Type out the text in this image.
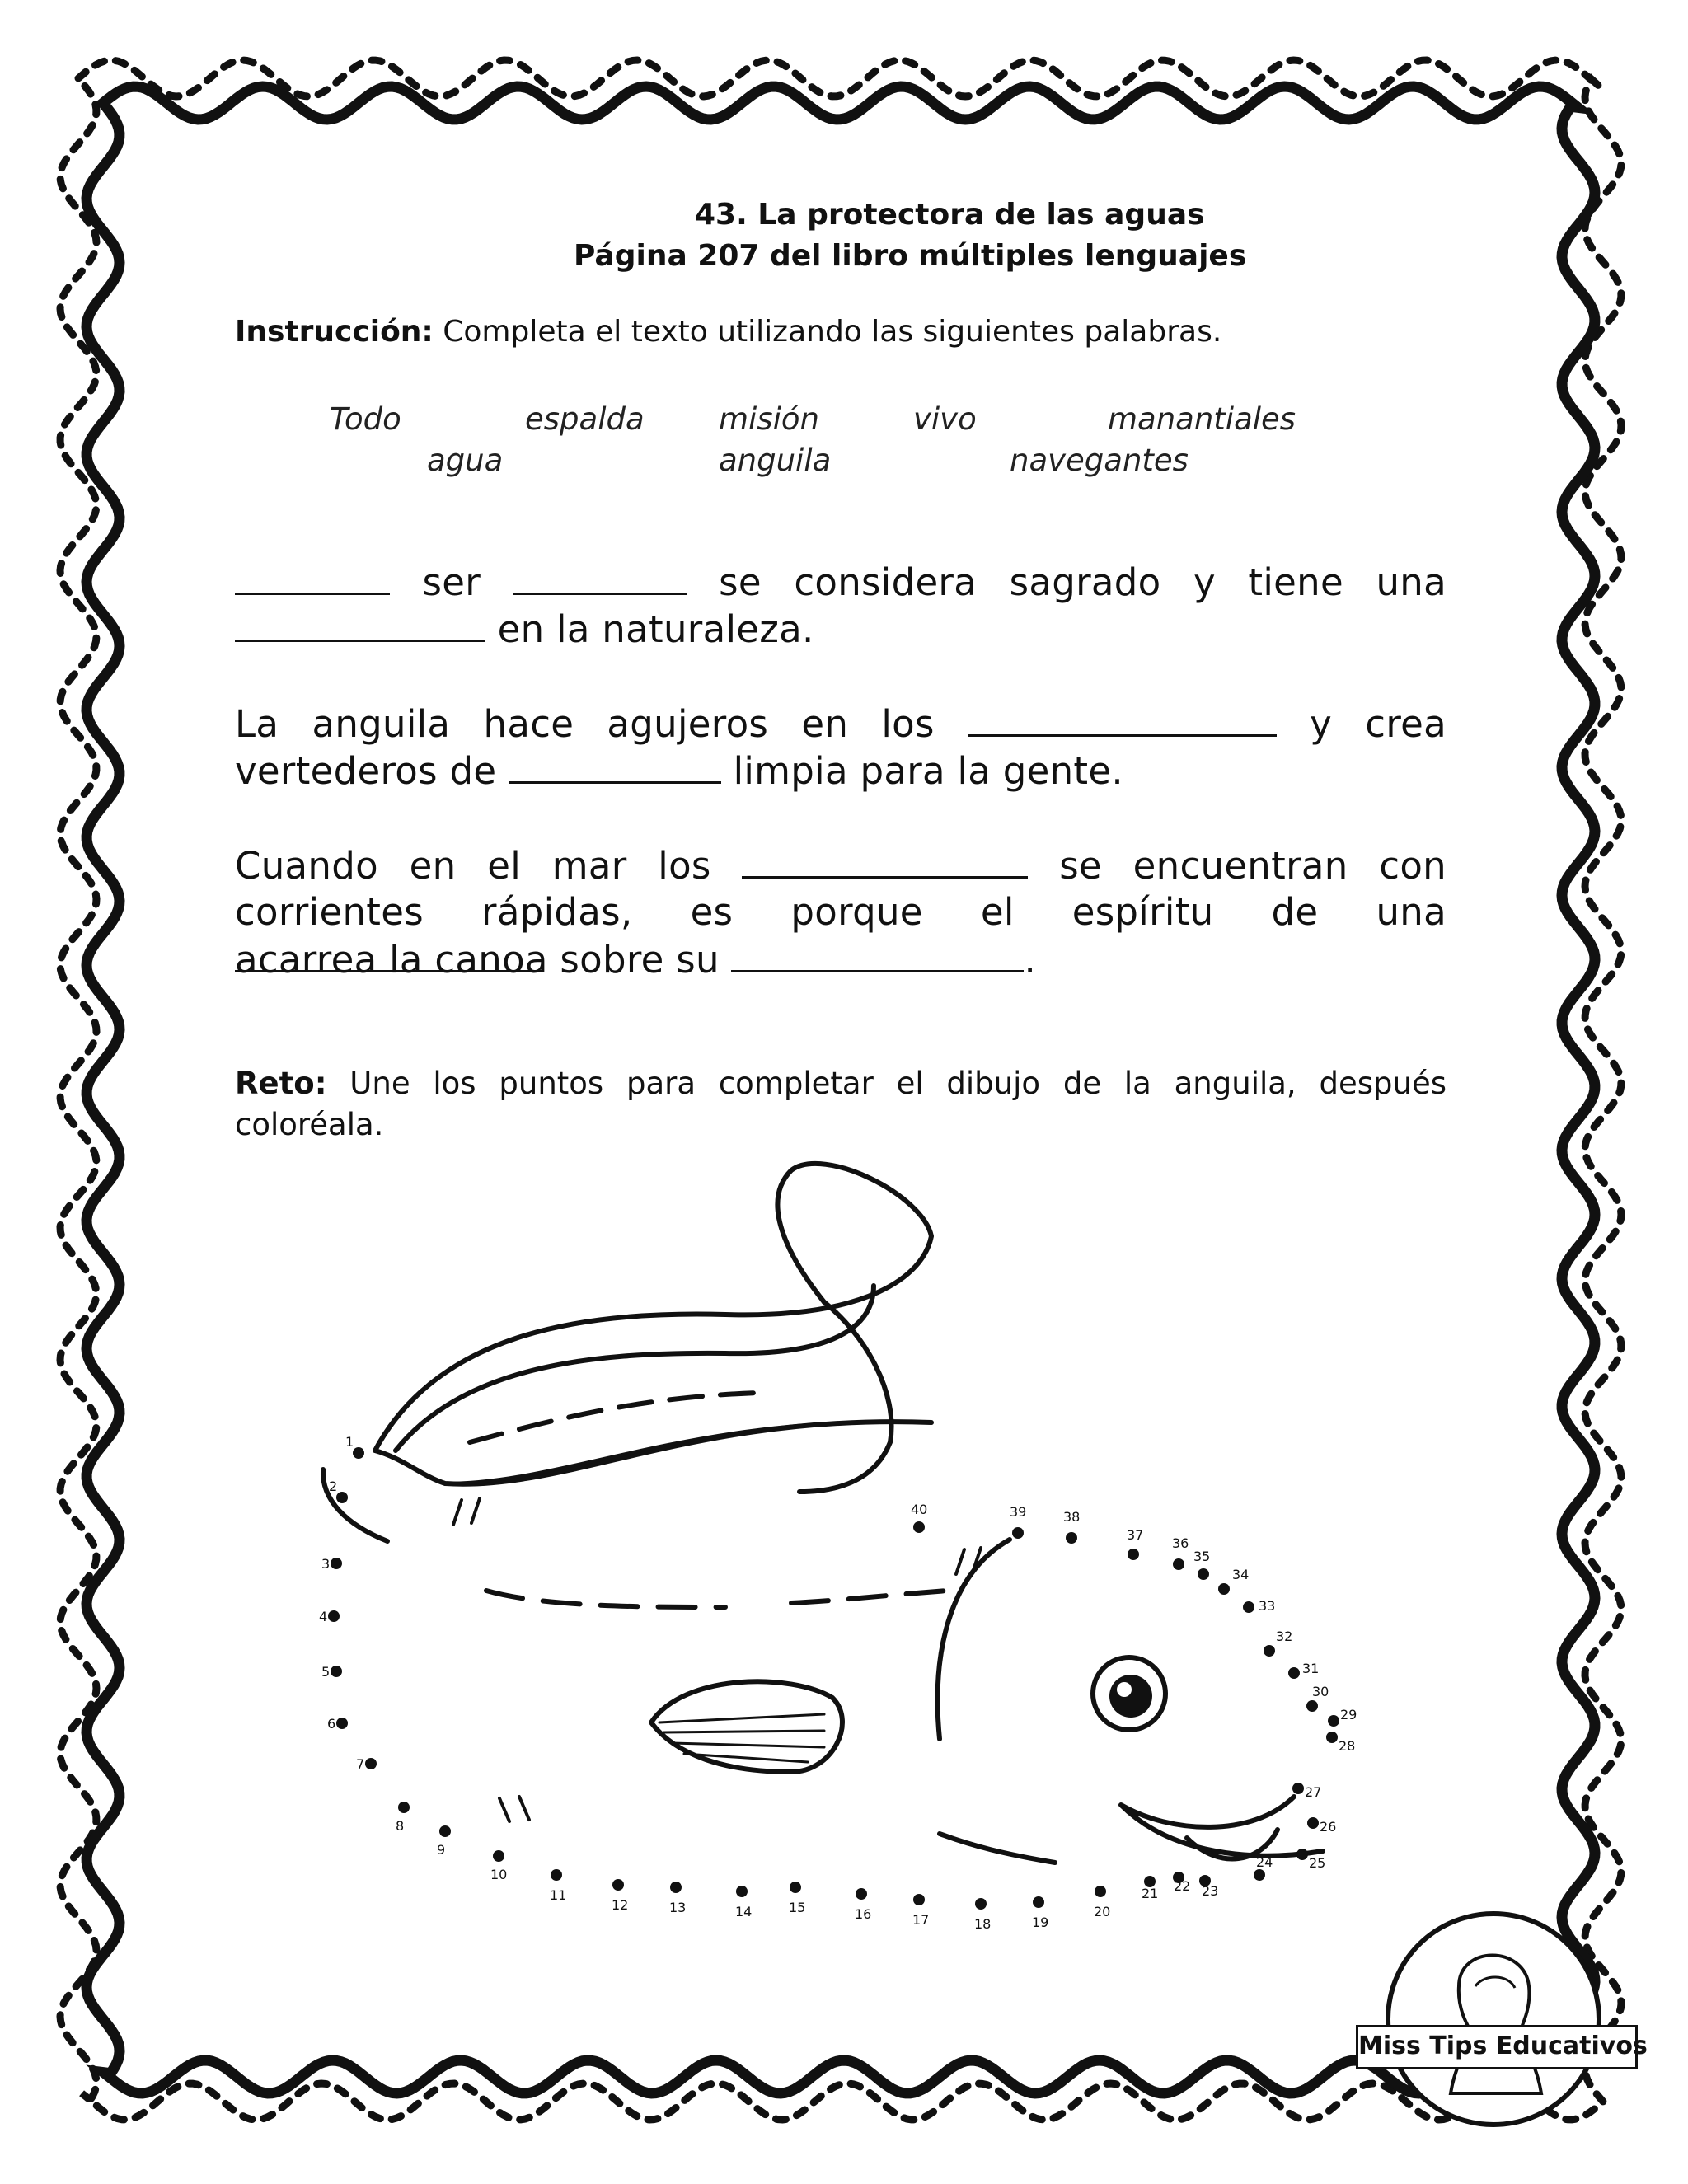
43. La protectora de las aguas
Página 207 del libro múltiples lenguajes
Instrucción: Completa el texto utilizando las siguientes palabras.
Todo	espalda misión	vivo	manantiales
agua	anguila	navegantes
ser	se considera sagrado y tiene una
en la naturaleza.
La anguila hace agujeros en los	y crea
vertederos de	limpia para la gente.
Cuando en el mar los	se encuentran con
corrientes rápidas, es porque el espíritu de una
acarrea la canoa sobre su	.
Reto: Une los puntos para completar el dibujo de la anguila, después
coloréala.
1
2
3
4
5
6
7
8
9
10
11
12	13	14	15	16	17	18	19
20
21 22 23
24	25
26
27
28
29
30
31
32
33
34
35
36
37
38
39
40
Miss Tips Educativos
